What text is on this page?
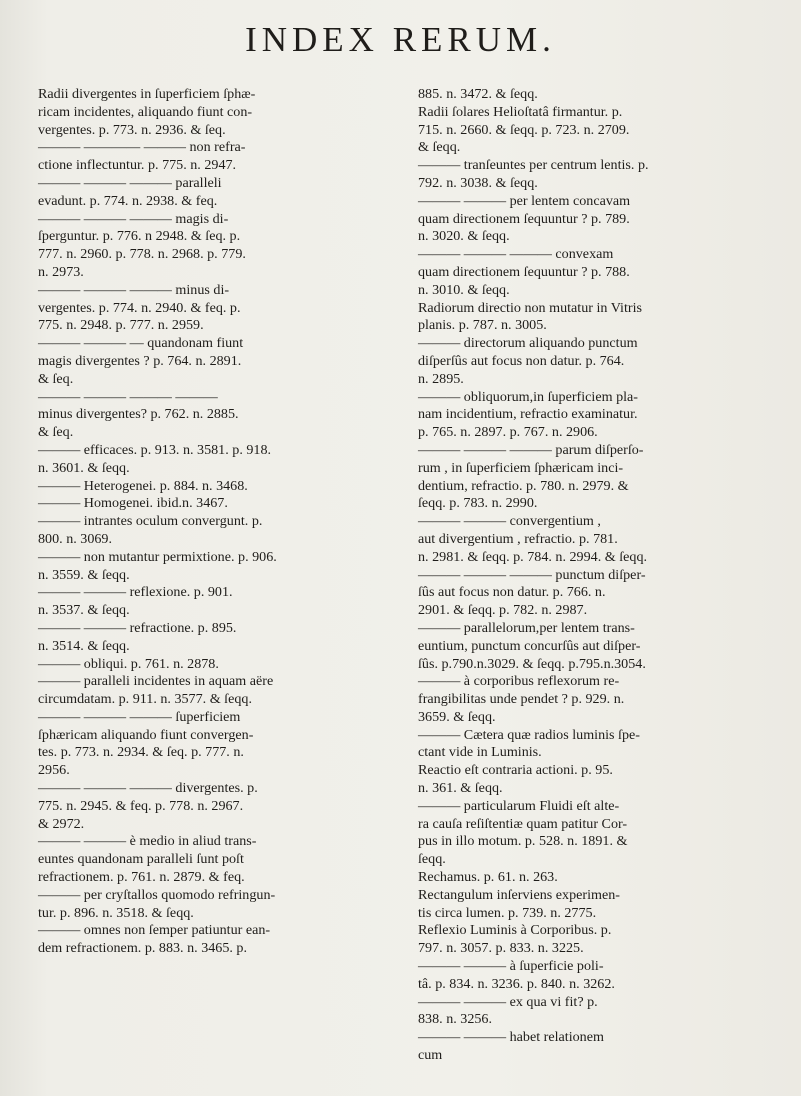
INDEX RERUM.
Radii divergentes in ſuperficiem ſphæ-
ricam incidentes, aliquando fiunt con-
vergentes. p. 773. n. 2936. & ſeq.
——— ———— ——— non refra-
ctione inflectuntur. p. 775. n. 2947.
——— ——— ——— paralleli
evadunt. p. 774. n. 2938. & feq.
——— ——— ——— magis di-
ſperguntur. p. 776. n 2948. & ſeq. p.
777. n. 2960. p. 778. n. 2968. p. 779.
n. 2973.
——— ——— ——— minus di-
vergentes. p. 774. n. 2940. & feq. p.
775. n. 2948. p. 777. n. 2959.
——— ——— — quandonam fiunt
magis divergentes ? p. 764. n. 2891.
& ſeq.
——— ——— ——— ———
minus divergentes? p. 762. n. 2885.
& ſeq.
——— efficaces. p. 913. n. 3581. p. 918.
n. 3601. & ſeqq.
——— Heterogenei. p. 884. n. 3468.
——— Homogenei. ibid.n. 3467.
——— intrantes oculum convergunt. p.
800. n. 3069.
——— non mutantur permixtione. p. 906.
n. 3559. & ſeqq.
——— ——— reflexione. p. 901.
n. 3537. & ſeqq.
——— ——— refractione. p. 895.
n. 3514. & ſeqq.
——— obliqui. p. 761. n. 2878.
——— paralleli incidentes in aquam aëre
circumdatam. p. 911. n. 3577. & ſeqq.
——— ——— ——— ſuperficiem
ſphæricam aliquando fiunt convergen-
tes. p. 773. n. 2934. & ſeq. p. 777. n.
2956.
——— ——— ——— divergentes. p.
775. n. 2945. & feq. p. 778. n. 2967.
& 2972.
——— ——— è medio in aliud trans-
euntes quandonam paralleli ſunt poſt
refractionem. p. 761. n. 2879. & feq.
——— per cryſtallos quomodo refringun-
tur. p. 896. n. 3518. & ſeqq.
——— omnes non ſemper patiuntur ean-
dem refractionem. p. 883. n. 3465. p.
885. n. 3472. & ſeqq.
Radii ſolares Helioſtatâ firmantur. p.
715. n. 2660. & ſeqq. p. 723. n. 2709.
& ſeqq.
——— tranſeuntes per centrum lentis. p.
792. n. 3038. & ſeqq.
——— ——— per lentem concavam
quam directionem ſequuntur ? p. 789.
n. 3020. & ſeqq.
——— ——— ——— convexam
quam directionem ſequuntur ? p. 788.
n. 3010. & ſeqq.
Radiorum directio non mutatur in Vitris
planis. p. 787. n. 3005.
——— directorum aliquando punctum
diſperſûs aut focus non datur. p. 764.
n. 2895.
——— obliquorum,in ſuperficiem pla-
nam incidentium, refractio examinatur.
p. 765. n. 2897. p. 767. n. 2906.
——— ——— ——— parum diſperſo-
rum , in ſuperficiem ſphæricam inci-
dentium, refractio. p. 780. n. 2979. &
ſeqq. p. 783. n. 2990.
——— ——— convergentium ,
aut divergentium , refractio. p. 781.
n. 2981. & ſeqq. p. 784. n. 2994. & ſeqq.
——— ——— ——— punctum diſper-
ſûs aut focus non datur. p. 766. n.
2901. & ſeqq. p. 782. n. 2987.
——— parallelorum,per lentem trans-
euntium, punctum concurſûs aut diſper-
ſûs. p.790.n.3029. & ſeqq. p.795.n.3054.
——— à corporibus reflexorum re-
frangibilitas unde pendet ? p. 929. n.
3659. & ſeqq.
——— Cætera quæ radios luminis ſpe-
ctant vide in Luminis.
Reactio eſt contraria actioni. p. 95.
n. 361. & ſeqq.
——— particularum Fluidi eſt alte-
ra cauſa reſiſtentiæ quam patitur Cor-
pus in illo motum. p. 528. n. 1891. &
ſeqq.
Rechamus. p. 61. n. 263.
Rectangulum inſerviens experimen-
tis circa lumen. p. 739. n. 2775.
Reflexio Luminis à Corporibus. p.
797. n. 3057. p. 833. n. 3225.
——— ——— à ſuperficie poli-
tâ. p. 834. n. 3236. p. 840. n. 3262.
——— ——— ex qua vi fit? p.
838. n. 3256.
——— ——— habet relationem
cum
